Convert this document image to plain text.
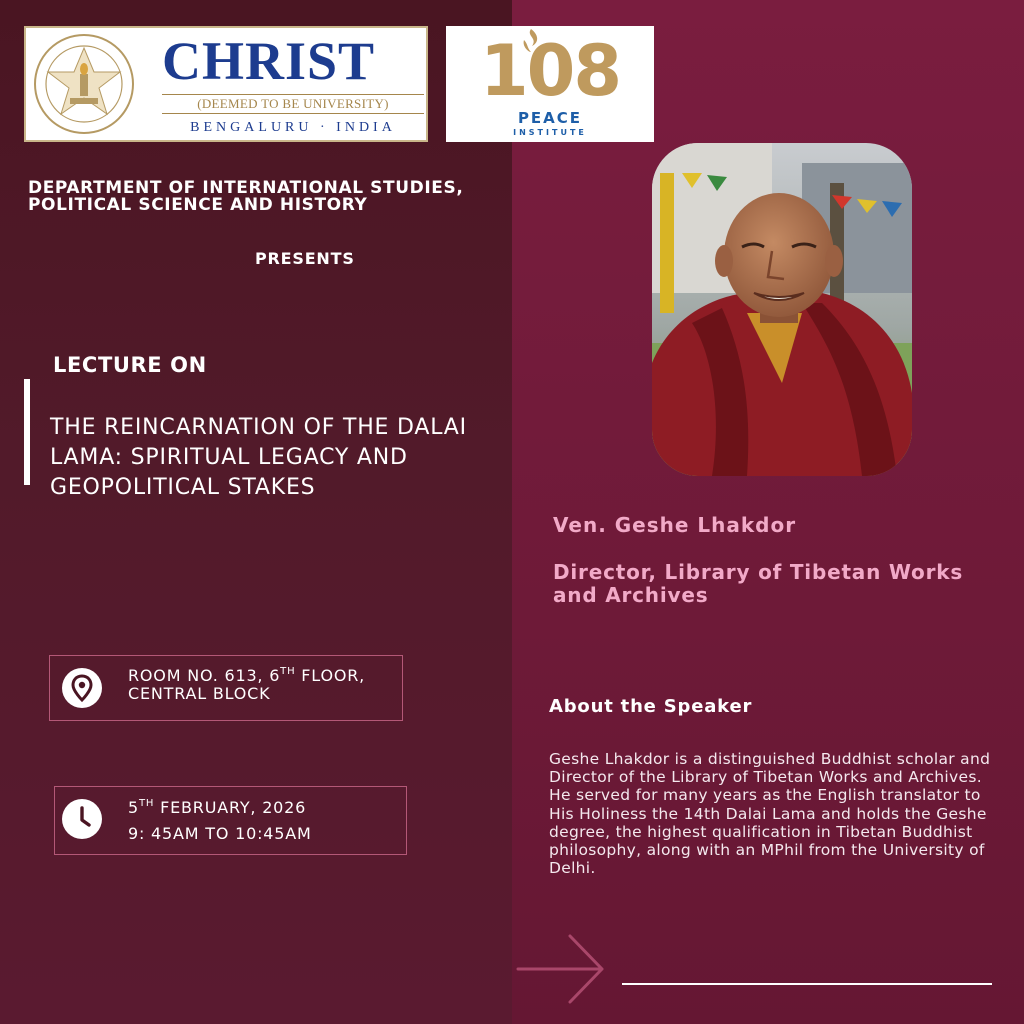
CHRIST
(DEEMED TO BE UNIVERSITY)
BENGALURU · INDIA
108
PEACE
INSTITUTE
DEPARTMENT OF INTERNATIONAL STUDIES, POLITICAL SCIENCE AND HISTORY
PRESENTS
LECTURE ON
THE REINCARNATION OF THE DALAI LAMA: SPIRITUAL LEGACY AND GEOPOLITICAL STAKES
ROOM NO. 613, 6TH FLOOR,
CENTRAL BLOCK
5TH FEBRUARY, 2026
9: 45AM TO 10:45AM
Ven. Geshe Lhakdor
Director, Library of Tibetan Works and Archives
About the Speaker
Geshe Lhakdor is a distinguished Buddhist scholar and Director of the Library of Tibetan Works and Archives. He served for many years as the English translator to His Holiness the 14th Dalai Lama and holds the Geshe degree, the highest qualification in Tibetan Buddhist philosophy, along with an MPhil from the University of Delhi.
